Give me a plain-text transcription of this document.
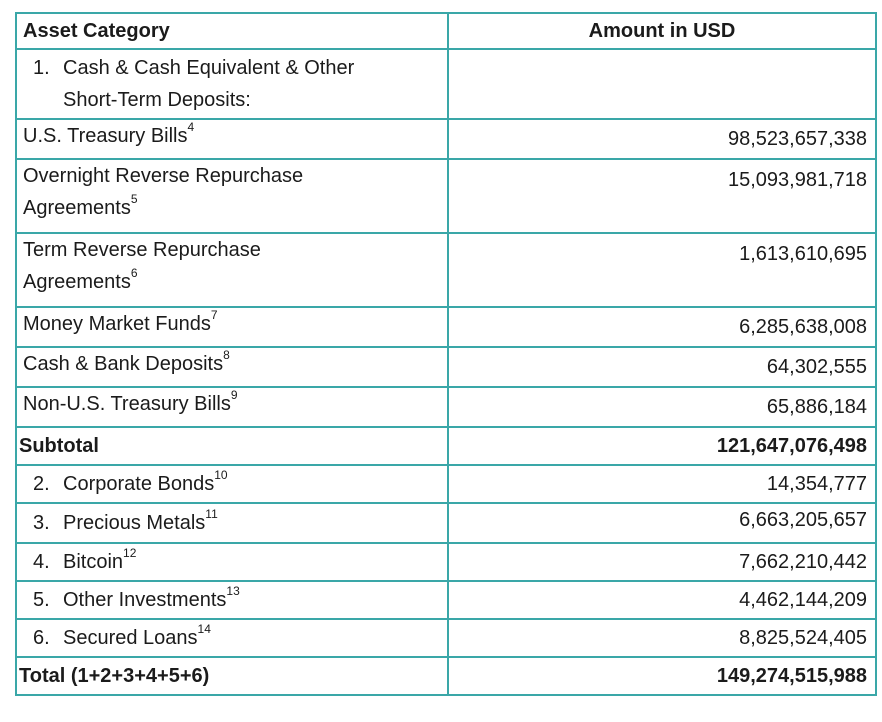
Asset Category	Amount in USD
1. Cash & Cash Equivalent & Other
Short-Term Deposits:	
U.S. Treasury Bills$^4$	98,523,657,338
Overnight Reverse Repurchase
Agreements$^5$	15,093,981,718
Term Reverse Repurchase
Agreements$^6$	1,613,610,695
Money Market Funds$^7$	6,285,638,008
Cash & Bank Deposits$^8$	64,302,555
Non-U.S. Treasury Bills$^9$	65,886,184
Subtotal	121,647,076,498
2. Corporate Bonds$^{10}$	14,354,777
3. Precious Metals$^{11}$	6,663,205,657
4. Bitcoin$^{12}$	7,662,210,442
5. Other Investments$^{13}$	4,462,144,209
6. Secured Loans$^{14}$	8,825,524,405
Total (1+2+3+4+5+6)	149,274,515,988
